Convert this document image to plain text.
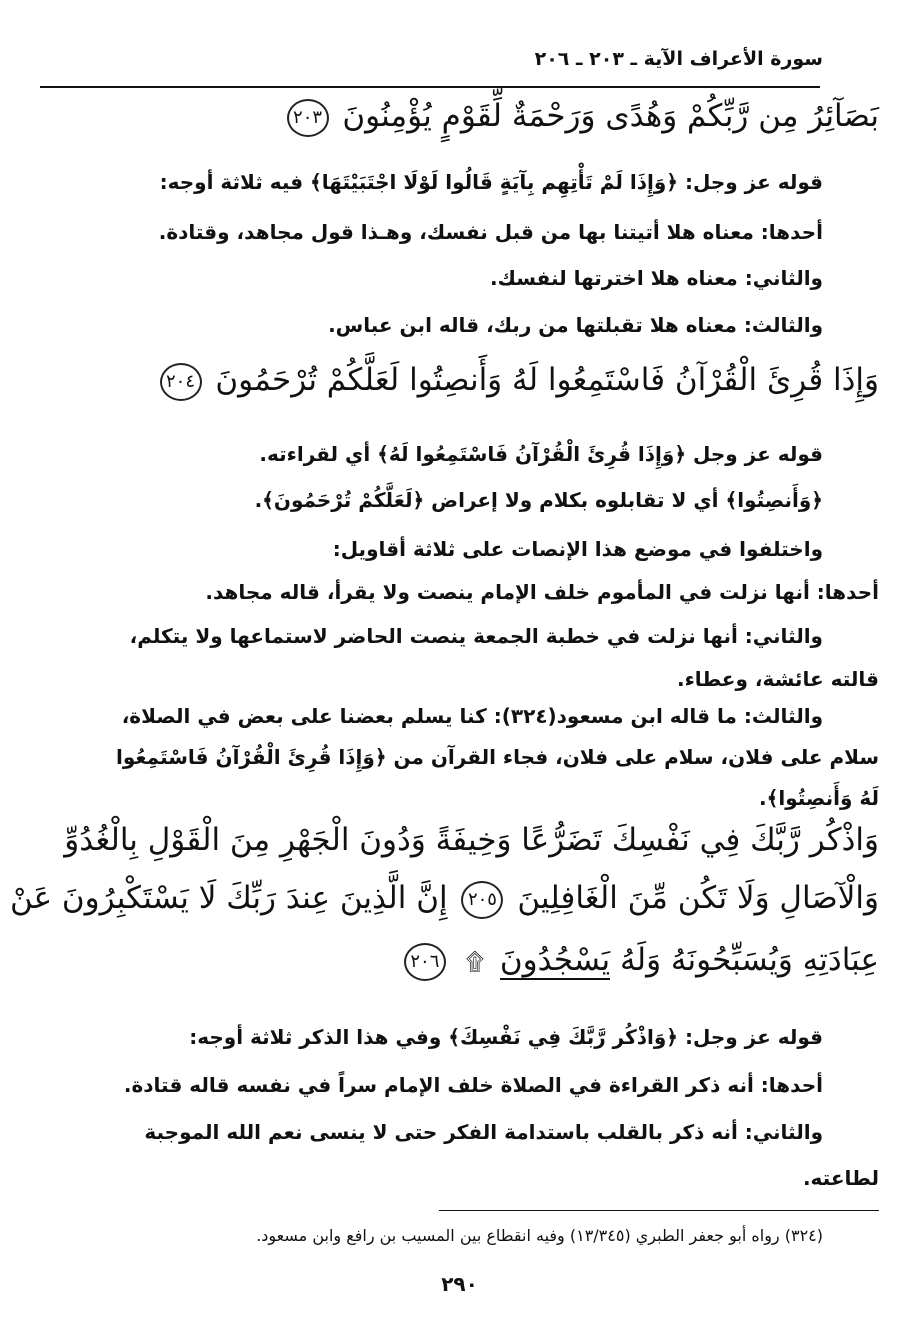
سورة الأعراف الآية ـ ٢٠٣ ـ ٢٠٦
بَصَآئِرُ مِن رَّبِّكُمْ وَهُدًى وَرَحْمَةٌ لِّقَوْمٍ يُؤْمِنُونَ ٢٠٣
قوله عز وجل: ﴿وَإِذَا لَمْ تَأْتِهِم بِآيَةٍ قَالُوا لَوْلَا اجْتَبَيْتَهَا﴾ فيه ثلاثة أوجه:
أحدها: معناه هلا أتيتنا بها من قبل نفسك، وهـذا قول مجاهد، وقتادة.
والثاني: معناه هلا اخترتها لنفسك.
والثالث: معناه هلا تقبلتها من ربك، قاله ابن عباس.
وَإِذَا قُرِئَ الْقُرْآنُ فَاسْتَمِعُوا لَهُ وَأَنصِتُوا لَعَلَّكُمْ تُرْحَمُونَ ٢٠٤
قوله عز وجل ﴿وَإِذَا قُرِئَ الْقُرْآنُ فَاسْتَمِعُوا لَهُ﴾ أي لقراءته.
﴿وَأَنصِتُوا﴾ أي لا تقابلوه بكلام ولا إعراض ﴿لَعَلَّكُمْ تُرْحَمُونَ﴾.
واختلفوا في موضع هذا الإنصات على ثلاثة أقاويل:
أحدها: أنها نزلت في المأموم خلف الإمام ينصت ولا يقرأ، قاله مجاهد.
والثاني: أنها نزلت في خطبة الجمعة ينصت الحاضر لاستماعها ولا يتكلم،
قالته عائشة، وعطاء.
والثالث: ما قاله ابن مسعود(٣٢٤): كنا يسلم بعضنا على بعض في الصلاة،
سلام على فلان، سلام على فلان، فجاء القرآن من ﴿وَإِذَا قُرِئَ الْقُرْآنُ فَاسْتَمِعُوا
لَهُ وَأَنصِتُوا﴾.
وَاذْكُر رَّبَّكَ فِي نَفْسِكَ تَضَرُّعًا وَخِيفَةً وَدُونَ الْجَهْرِ مِنَ الْقَوْلِ بِالْغُدُوِّ
وَالْآصَالِ وَلَا تَكُن مِّنَ الْغَافِلِينَ ٢٠٥ إِنَّ الَّذِينَ عِندَ رَبِّكَ لَا يَسْتَكْبِرُونَ عَنْ
عِبَادَتِهِ وَيُسَبِّحُونَهُ وَلَهُ يَسْجُدُونَ ۩ ٢٠٦
قوله عز وجل: ﴿وَاذْكُر رَّبَّكَ فِي نَفْسِكَ﴾ وفي هذا الذكر ثلاثة أوجه:
أحدها: أنه ذكر القراءة في الصلاة خلف الإمام سراً في نفسه قاله قتادة.
والثاني: أنه ذكر بالقلب باستدامة الفكر حتى لا ينسى نعم الله الموجبة
لطاعته.
(٣٢٤) رواه أبو جعفر الطبري (١٣/٣٤٥) وفيه انقطاع بين المسيب بن رافع وابن مسعود.
٢٩٠
